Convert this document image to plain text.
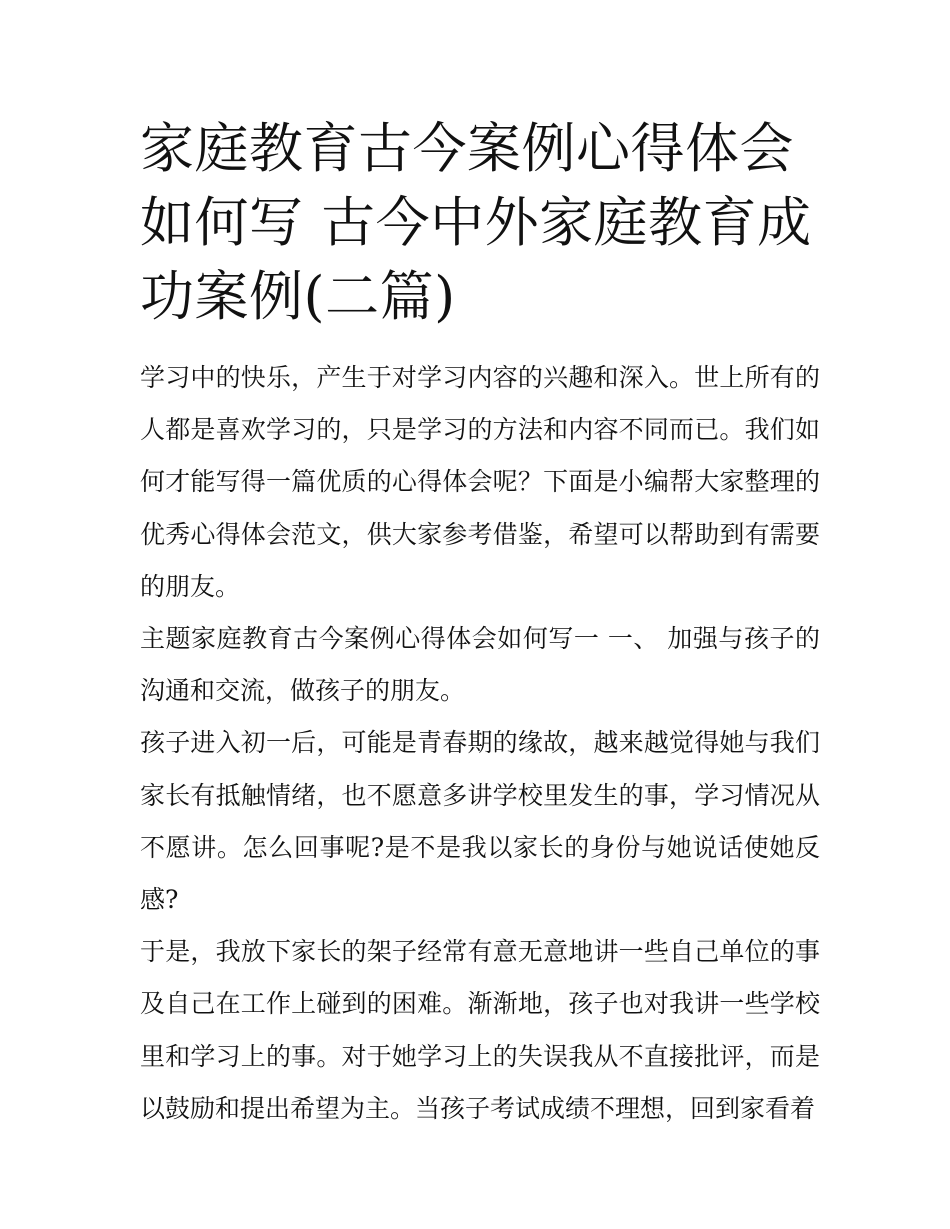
家庭教育古今案例心得体会如何写 古今中外家庭教育成功案例(二篇)

学习中的快乐，产生于对学习内容的兴趣和深入。世上所有的人都是喜欢学习的，只是学习的方法和内容不同而已。我们如何才能写得一篇优质的心得体会呢？下面是小编帮大家整理的优秀心得体会范文，供大家参考借鉴，希望可以帮助到有需要的朋友。

主题家庭教育古今案例心得体会如何写一 一、 加强与孩子的沟通和交流，做孩子的朋友。

孩子进入初一后，可能是青春期的缘故，越来越觉得她与我们家长有抵触情绪，也不愿意多讲学校里发生的事，学习情况从不愿讲。怎么回事呢?是不是我以家长的身份与她说话使她反感?

于是，我放下家长的架子经常有意无意地讲一些自己单位的事及自己在工作上碰到的困难。渐渐地，孩子也对我讲一些学校里和学习上的事。对于她学习上的失误我从不直接批评，而是以鼓励和提出希望为主。当孩子考试成绩不理想，回到家看着
